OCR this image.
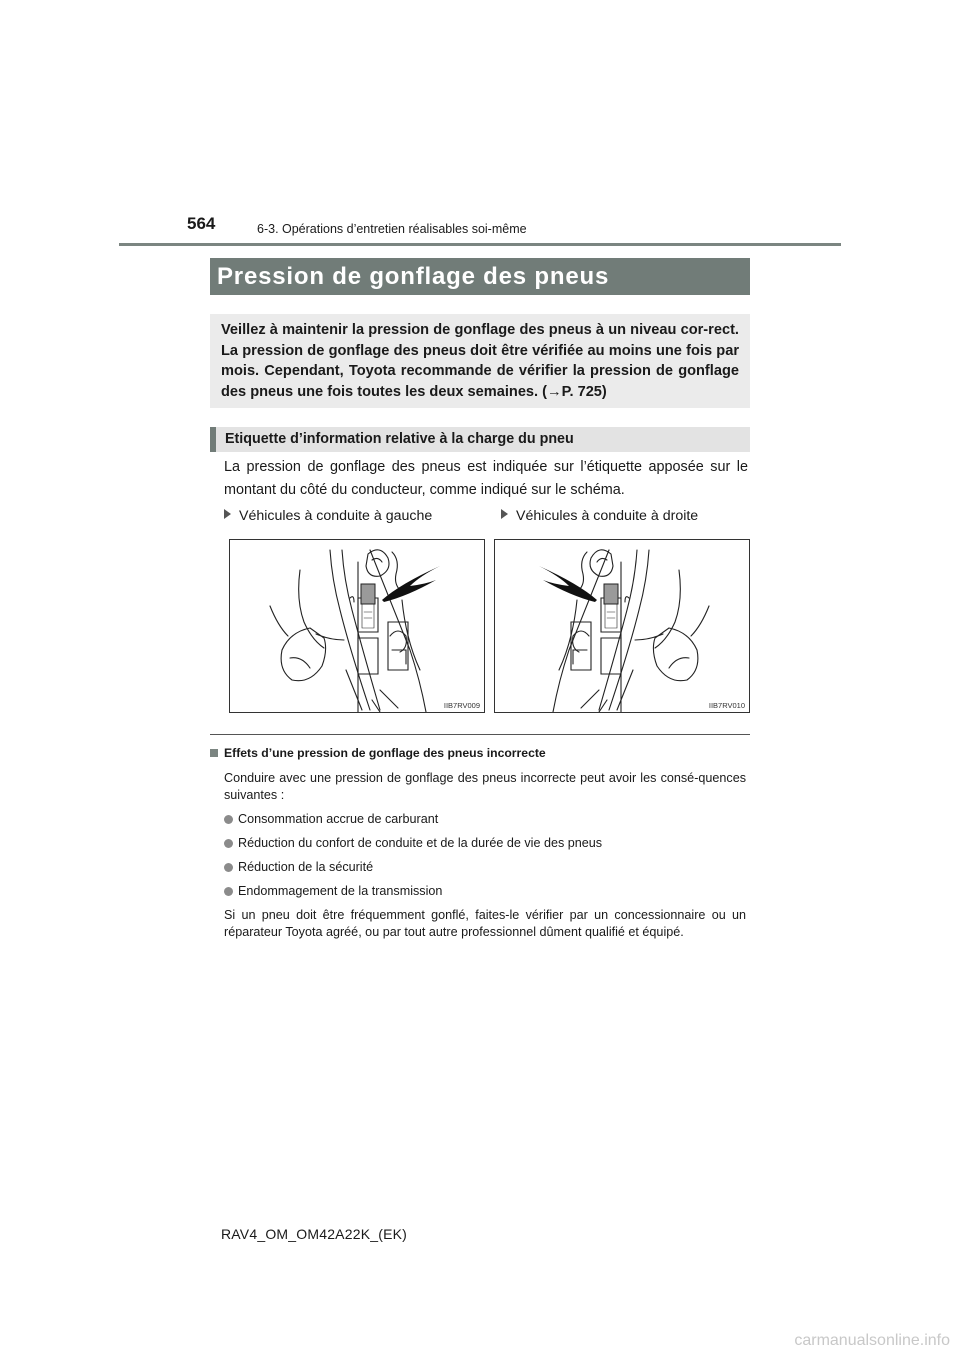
564	6-3. Opérations d’entretien réalisables soi-même
Pression de gonflage des pneus
Veillez à maintenir la pression de gonflage des pneus à un niveau cor-rect. La pression de gonflage des pneus doit être vérifiée au moins une fois par mois. Cependant, Toyota recommande de vérifier la pression de gonflage des pneus une fois toutes les deux semaines. (→P. 725)
Etiquette d’information relative à la charge du pneu
La pression de gonflage des pneus est indiquée sur l’étiquette apposée sur le montant du côté du conducteur, comme indiqué sur le schéma.
Véhicules à conduite à gauche	Véhicules à conduite à droite
IIB7RV009	IIB7RV010
Effets d’une pression de gonflage des pneus incorrecte
Conduire avec une pression de gonflage des pneus incorrecte peut avoir les consé-quences suivantes :
Consommation accrue de carburant
Réduction du confort de conduite et de la durée de vie des pneus
Réduction de la sécurité
Endommagement de la transmission
Si un pneu doit être fréquemment gonflé, faites-le vérifier par un concessionnaire ou un réparateur Toyota agréé, ou par tout autre professionnel dûment qualifié et équipé.
RAV4_OM_OM42A22K_(EK)
carmanualsonline.info
